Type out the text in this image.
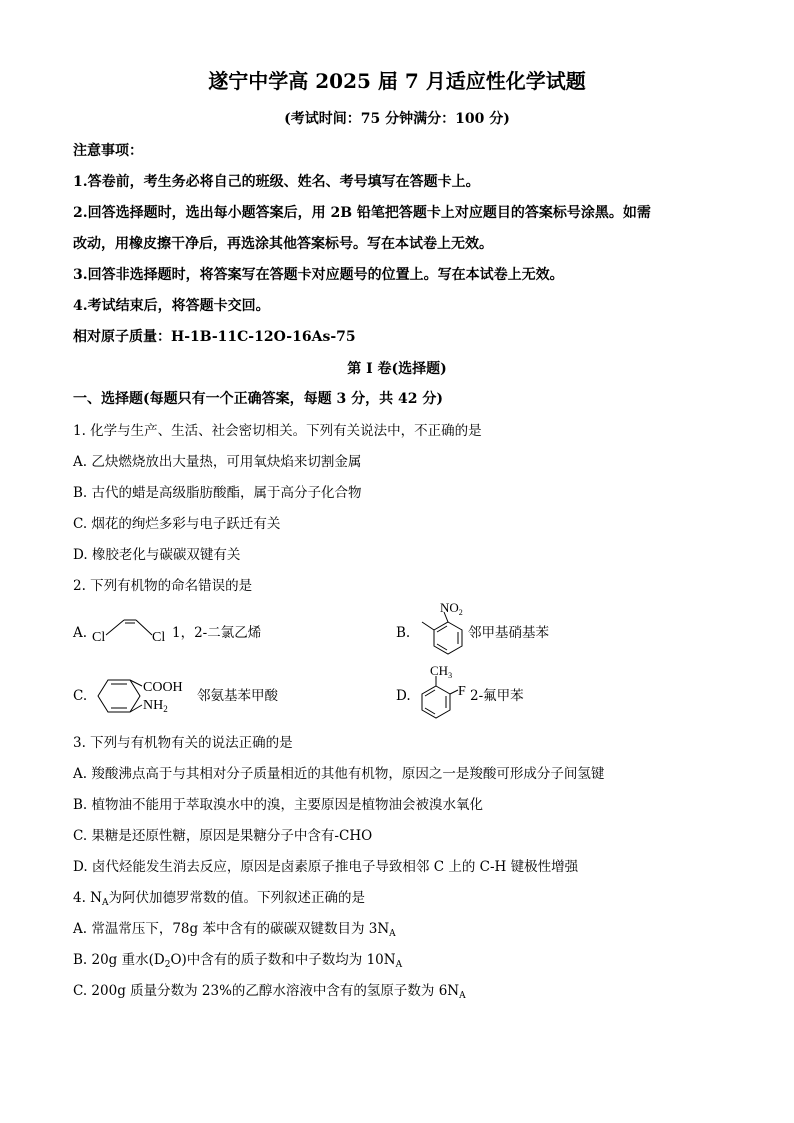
遂宁中学高 2025 届 7 月适应性化学试题
(考试时间：75 分钟满分：100 分)
注意事项：
1.答卷前，考生务必将自己的班级、姓名、考号填写在答题卡上。
2.回答选择题时，选出每小题答案后，用 2B 铅笔把答题卡上对应题目的答案标号涂黑。如需
改动，用橡皮擦干净后，再选涂其他答案标号。写在本试卷上无效。
3.回答非选择题时，将答案写在答题卡对应题号的位置上。写在本试卷上无效。
4.考试结束后，将答题卡交回。
相对原子质量：H-1B-11C-12O-16As-75
第 I 卷(选择题)
一、选择题(每题只有一个正确答案，每题 3 分，共 42 分)
1. 化学与生产、生活、社会密切相关。下列有关说法中，不正确的是
A. 乙炔燃烧放出大量热，可用氧炔焰来切割金属
B. 古代的蜡是高级脂肪酸酯，属于高分子化合物
C. 烟花的绚烂多彩与电子跃迁有关
D. 橡胶老化与碳碳双键有关
2. 下列有机物的命名错误的是
A. Cl	Cl 1，2-二氯乙烯	B.
$NO_2$
邻甲基硝基苯
C.
COOH
$NH_2$
邻氨基苯甲酸	D.
$CH_3$
F 2-氟甲苯
3. 下列与有机物有关的说法正确的是
A. 羧酸沸点高于与其相对分子质量相近的其他有机物，原因之一是羧酸可形成分子间氢键
B. 植物油不能用于萃取溴水中的溴，主要原因是植物油会被溴水氧化
C. 果糖是还原性糖，原因是果糖分子中含有-CHO
D. 卤代烃能发生消去反应，原因是卤素原子推电子导致相邻 C 上的 C-H 键极性增强
4. $N_A$为阿伏加德罗常数的值。下列叙述正确的是
A. 常温常压下，78g 苯中含有的碳碳双键数目为 $3N_A$
B. 20g 重水$(D_2O)$中含有的质子数和中子数均为 $10N_A$
C. 200g 质量分数为 23%的乙醇水溶液中含有的氢原子数为 $6N_A$
